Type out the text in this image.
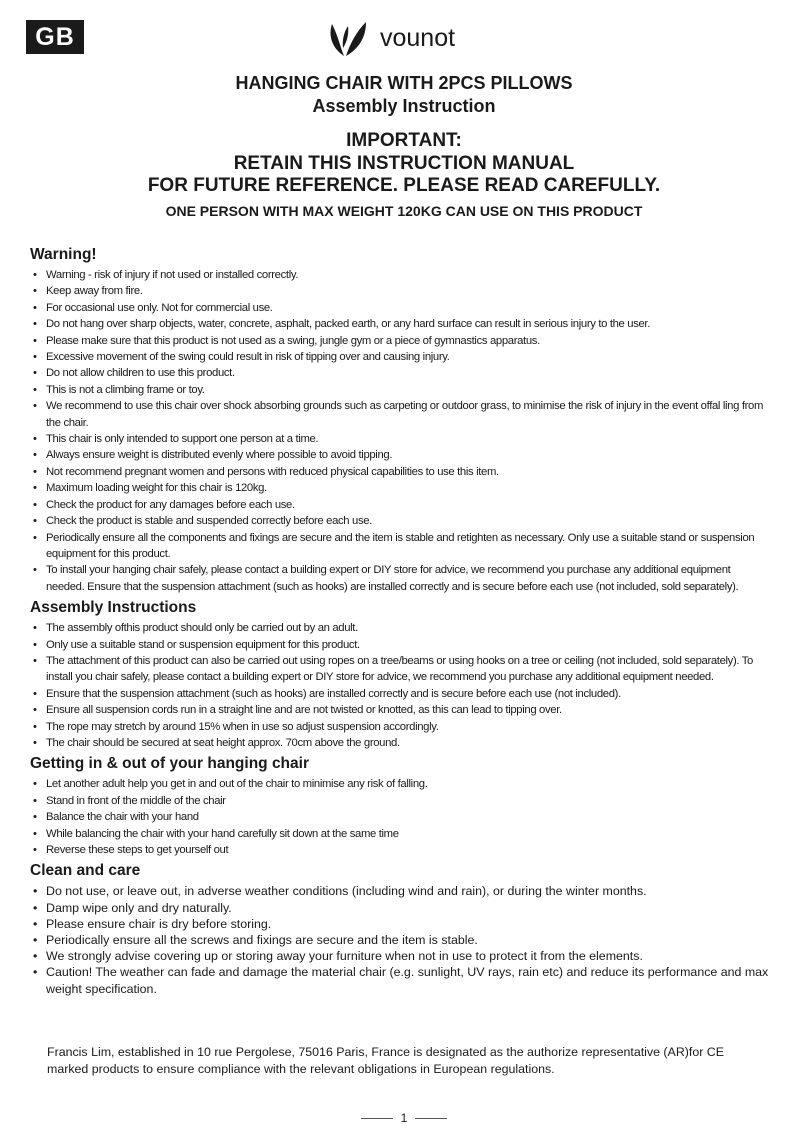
GB	vounot
HANGING CHAIR WITH 2PCS PILLOWS
Assembly Instruction
IMPORTANT:
RETAIN THIS INSTRUCTION MANUAL
FOR FUTURE REFERENCE. PLEASE READ CAREFULLY.
ONE PERSON WITH MAX WEIGHT 120KG CAN USE ON THIS PRODUCT
Warning!
• Warning - risk of injury if not used or installed correctly.
• Keep away from fire.
• For occasional use only. Not for commercial use.
• Do not hang over sharp objects, water, concrete, asphalt, packed earth, or any hard surface can result in serious injury to the user.
• Please make sure that this product is not used as a swing, jungle gym or a piece of gymnastics apparatus.
• Excessive movement of the swing could result in risk of tipping over and causing injury.
• Do not allow children to use this product.
• This is not a climbing frame or toy.
• We recommend to use this chair over shock absorbing grounds such as carpeting or outdoor grass, to minimise the risk of injury in the event offal ling from the chair.
• This chair is only intended to support one person at a time.
• Always ensure weight is distributed evenly where possible to avoid tipping.
• Not recommend pregnant women and persons with reduced physical capabilities to use this item.
• Maximum loading weight for this chair is 120kg.
• Check the product for any damages before each use.
• Check the product is stable and suspended correctly before each use.
• Periodically ensure all the components and fixings are secure and the item is stable and retighten as necessary. Only use a suitable stand or suspension equipment for this product.
• To install your hanging chair safely, please contact a building expert or DIY store for advice, we recommend you purchase any additional equipment needed. Ensure that the suspension attachment (such as hooks) are installed correctly and is secure before each use (not included, sold separately).
Assembly Instructions
• The assembly ofthis product should only be carried out by an adult.
• Only use a suitable stand or suspension equipment for this product.
• The attachment of this product can also be carried out using ropes on a tree/beams or using hooks on a tree or ceiling (not included, sold separately). To install you chair safely, please contact a building expert or DIY store for advice, we recommend you purchase any additional equipment needed.
• Ensure that the suspension attachment (such as hooks) are installed correctly and is secure before each use (not included).
• Ensure all suspension cords run in a straight line and are not twisted or knotted, as this can lead to tipping over.
• The rope may stretch by around 15% when in use so adjust suspension accordingly.
• The chair should be secured at seat height approx. 70cm above the ground.
Getting in & out of your hanging chair
• Let another adult help you get in and out of the chair to minimise any risk of falling.
• Stand in front of the middle of the chair
• Balance the chair with your hand
• While balancing the chair with your hand carefully sit down at the same time
• Reverse these steps to get yourself out
Clean and care
• Do not use, or leave out, in adverse weather conditions (including wind and rain), or during the winter months.
• Damp wipe only and dry naturally.
• Please ensure chair is dry before storing.
• Periodically ensure all the screws and fixings are secure and the item is stable.
• We strongly advise covering up or storing away your furniture when not in use to protect it from the elements.
• Caution! The weather can fade and damage the material chair (e.g. sunlight, UV rays, rain etc) and reduce its performance and max weight specification.
Francis Lim, established in 10 rue Pergolese, 75016 Paris, France is designated as the authorize representative (AR)for CE marked products to ensure compliance with the relevant obligations in European regulations.
1
